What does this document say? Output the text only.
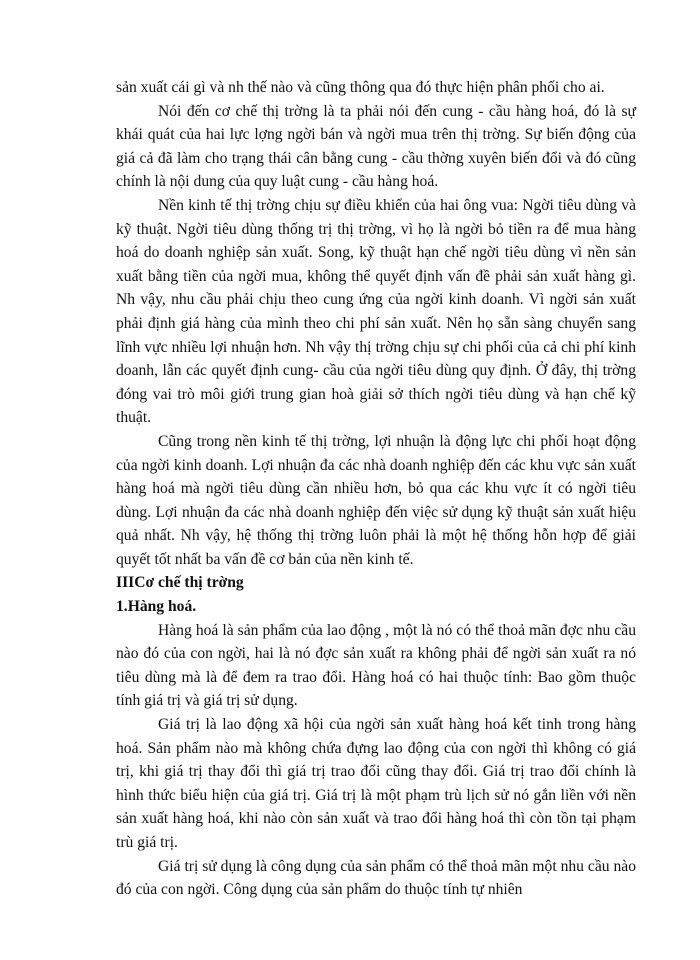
sản xuất cái gì và nh thế nào và cũng thông qua đó thực hiện phân phối cho ai.

Nói đến cơ chế thị trờng là ta phải nói đến cung - cầu hàng hoá, đó là sự khái quát của hai lực lợng ngời bán và ngời mua trên thị trờng. Sự biến động của giá cả đã làm cho trạng thái cân bằng cung - cầu thờng xuyên biến đổi và đó cũng chính là nội dung của quy luật cung - cầu hàng hoá.

Nền kinh tế thị trờng chịu sự điều khiển của hai ông vua: Ngời tiêu dùng và kỹ thuật. Ngời tiêu dùng thống trị thị trờng, vì họ là ngời bỏ tiền ra để mua hàng hoá do doanh nghiệp sản xuất. Song, kỹ thuật hạn chế ngời tiêu dùng vì nền sản xuất bằng tiền của ngời mua, không thể quyết định vấn đề phải sản xuất hàng gì. Nh vậy, nhu cầu phải chịu theo cung ứng của ngời kinh doanh. Vì ngời sản xuất phải định giá hàng của mình theo chi phí sản xuất. Nên họ sẵn sàng chuyển sang lĩnh vực nhiều lợi nhuận hơn. Nh vậy thị trờng chịu sự chi phối của cả chi phí kinh doanh, lẫn các quyết định cung- cầu của ngời tiêu dùng quy định. Ở đây, thị trờng đóng vai trò môi giới trung gian hoà giải sở thích ngời tiêu dùng và hạn chế kỹ thuật.

Cũng trong nền kinh tế thị trờng, lợi nhuận là động lực chi phối hoạt động của ngời kinh doanh. Lợi nhuận đa các nhà doanh nghiệp đến các khu vực sản xuất hàng hoá mà ngời tiêu dùng cần nhiều hơn, bỏ qua các khu vực ít có ngời tiêu dùng. Lợi nhuận đa các nhà doanh nghiệp đến việc sử dụng kỹ thuật sản xuất hiệu quả nhất. Nh vậy, hệ thống thị trờng luôn phải là một hệ thống hỗn hợp để giải quyết tốt nhất ba vấn đề cơ bản của nền kinh tế.

IIICơ chế thị trờng

1.Hàng hoá.

Hàng hoá là sản phẩm của lao động , một là nó có thể thoả mãn đợc nhu cầu nào đó của con ngời, hai là nó đợc sản xuất ra không phải để ngời sản xuất ra nó tiêu dùng mà là để đem ra trao đổi. Hàng hoá có hai thuộc tính: Bao gồm thuộc tính giá trị và giá trị sử dụng.

Giá trị là lao động xã hội của ngời sản xuất hàng hoá kết tinh trong hàng hoá. Sản phẩm nào mà không chứa đựng lao động của con ngời thì không có giá trị, khi giá trị thay đổi thì giá trị trao đổi cũng thay đổi. Giá trị trao đổi chính là hình thức biểu hiện của giá trị. Giá trị là một phạm trù lịch sử nó gắn liền với nền sản xuất hàng hoá, khi nào còn sản xuất và trao đổi hàng hoá thì còn tồn tại phạm trù giá trị.

Giá trị sử dụng là công dụng của sản phẩm có thể thoả mãn một nhu cầu nào đó của con ngời. Công dụng của sản phẩm do thuộc tính tự nhiên
